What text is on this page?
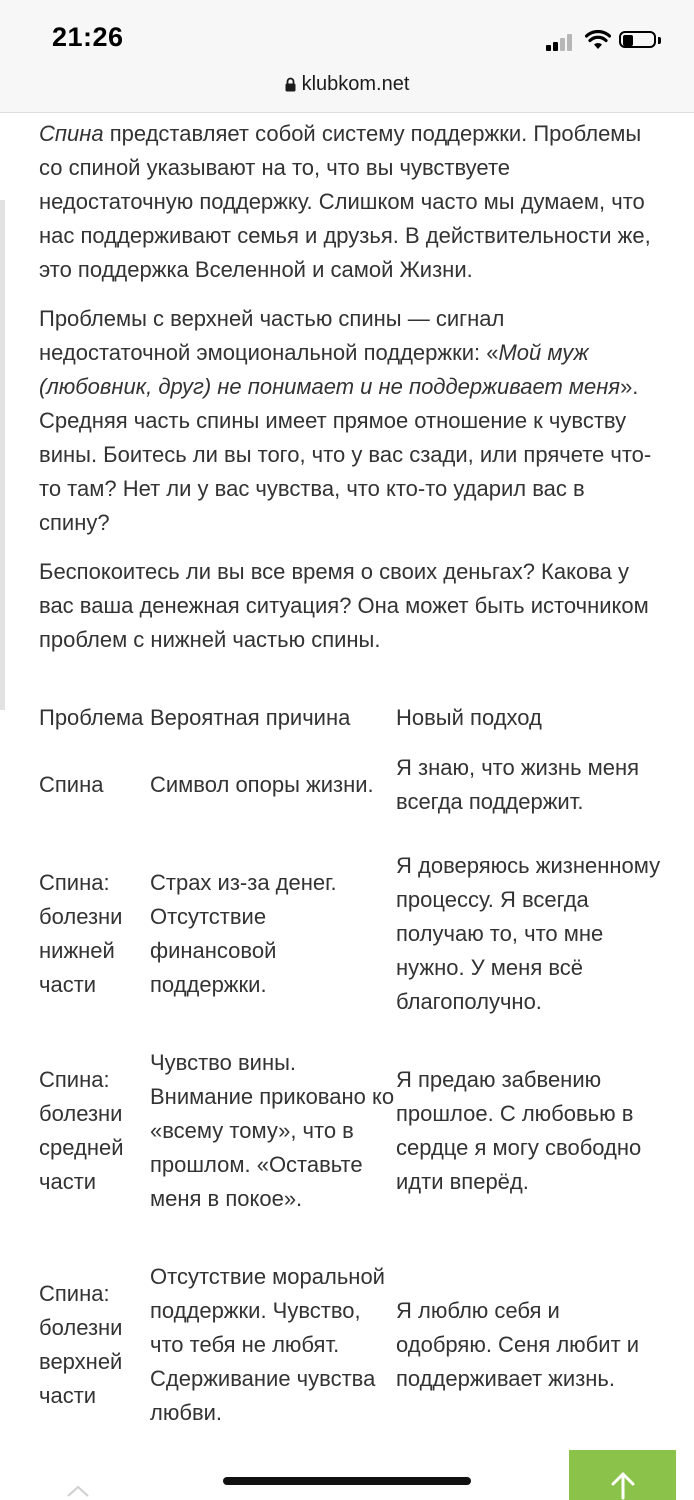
21:26
klubkom.net

Спина представляет собой систему поддержки. Проблемы со спиной указывают на то, что вы чувствуете недостаточную поддержку. Слишком часто мы думаем, что нас поддерживают семья и друзья. В действительности же, это поддержка Вселенной и самой Жизни.

Проблемы с верхней частью спины — сигнал недостаточной эмоциональной поддержки: «Мой муж (любовник, друг) не понимает и не поддерживает меня». Средняя часть спины имеет прямое отношение к чувству вины. Боитесь ли вы того, что у вас сзади, или прячете что-то там? Нет ли у вас чувства, что кто-то ударил вас в спину?

Беспокоитесь ли вы все время о своих деньгах? Какова у вас ваша денежная ситуация? Она может быть источником проблем с нижней частью спины.

Проблема	Вероятная причина	Новый подход
Спина	Символ опоры жизни.	Я знаю, что жизнь меня всегда поддержит.
Спина: болезни нижней части	Страх из-за денег. Отсутствие финансовой поддержки.	Я доверяюсь жизненному процессу. Я всегда получаю то, что мне нужно. У меня всё благополучно.
Спина: болезни средней части	Чувство вины. Внимание приковано ко «всему тому», что в прошлом. «Оставьте меня в покое».	Я предаю забвению прошлое. С любовью в сердце я могу свободно идти вперёд.
Спина: болезни верхней части	Отсутствие моральной поддержки. Чувство, что тебя не любят. Сдерживание чувства любви.	Я люблю себя и одобряю. Сеня любит и поддерживает жизнь.
